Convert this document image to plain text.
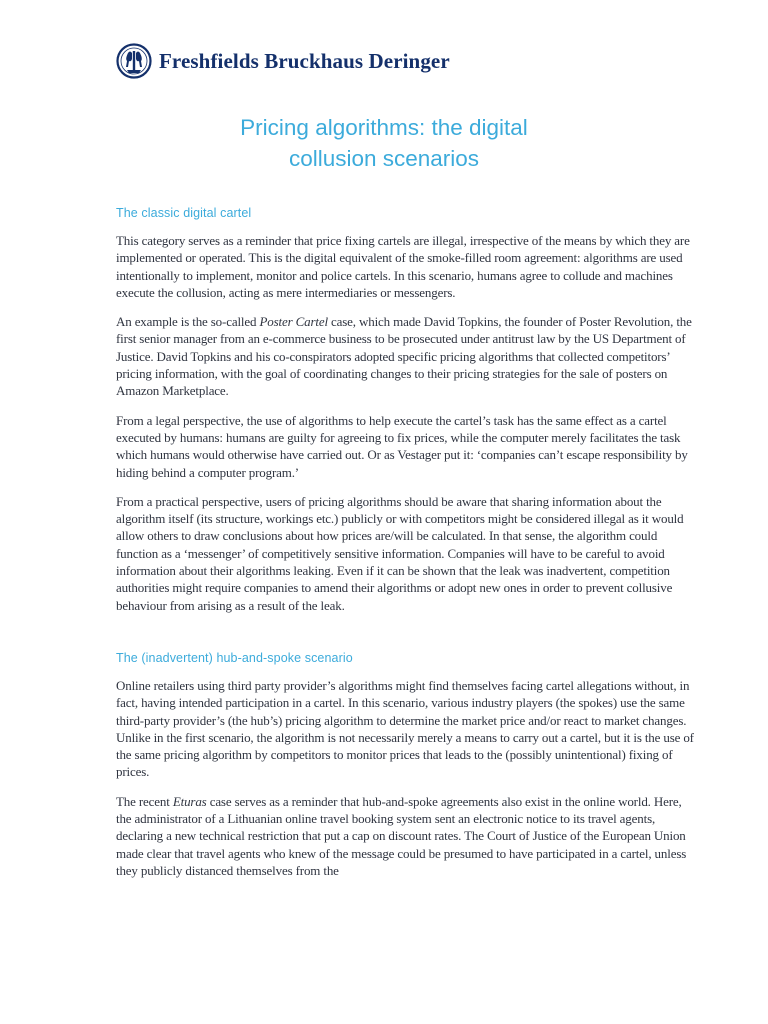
Freshfields Bruckhaus Deringer
Pricing algorithms: the digital
collusion scenarios
The classic digital cartel

This category serves as a reminder that price fixing cartels are illegal, irrespective of the means by which they are implemented or operated. This is the digital equivalent of the smoke-filled room agreement: algorithms are used intentionally to implement, monitor and police cartels. In this scenario, humans agree to collude and machines execute the collusion, acting as mere intermediaries or messengers.

An example is the so-called Poster Cartel case, which made David Topkins, the founder of Poster Revolution, the first senior manager from an e-commerce business to be prosecuted under antitrust law by the US Department of Justice. David Topkins and his co-conspirators adopted specific pricing algorithms that collected competitors’ pricing information, with the goal of coordinating changes to their pricing strategies for the sale of posters on Amazon Marketplace.

From a legal perspective, the use of algorithms to help execute the cartel’s task has the same effect as a cartel executed by humans: humans are guilty for agreeing to fix prices, while the computer merely facilitates the task which humans would otherwise have carried out. Or as Vestager put it: ‘companies can’t escape responsibility by hiding behind a computer program.’

From a practical perspective, users of pricing algorithms should be aware that sharing information about the algorithm itself (its structure, workings etc.) publicly or with competitors might be considered illegal as it would allow others to draw conclusions about how prices are/will be calculated. In that sense, the algorithm could function as a ‘messenger’ of competitively sensitive information. Companies will have to be careful to avoid information about their algorithms leaking. Even if it can be shown that the leak was inadvertent, competition authorities might require companies to amend their algorithms or adopt new ones in order to prevent collusive behaviour from arising as a result of the leak.

The (inadvertent) hub-and-spoke scenario

Online retailers using third party provider’s algorithms might find themselves facing cartel allegations without, in fact, having intended participation in a cartel. In this scenario, various industry players (the spokes) use the same third-party provider’s (the hub’s) pricing algorithm to determine the market price and/or react to market changes. Unlike in the first scenario, the algorithm is not necessarily merely a means to carry out a cartel, but it is the use of the same pricing algorithm by competitors to monitor prices that leads to the (possibly unintentional) fixing of prices.

The recent Eturas case serves as a reminder that hub-and-spoke agreements also exist in the online world. Here, the administrator of a Lithuanian online travel booking system sent an electronic notice to its travel agents, declaring a new technical restriction that put a cap on discount rates. The Court of Justice of the European Union made clear that travel agents who knew of the message could be presumed to have participated in a cartel, unless they publicly distanced themselves from the
